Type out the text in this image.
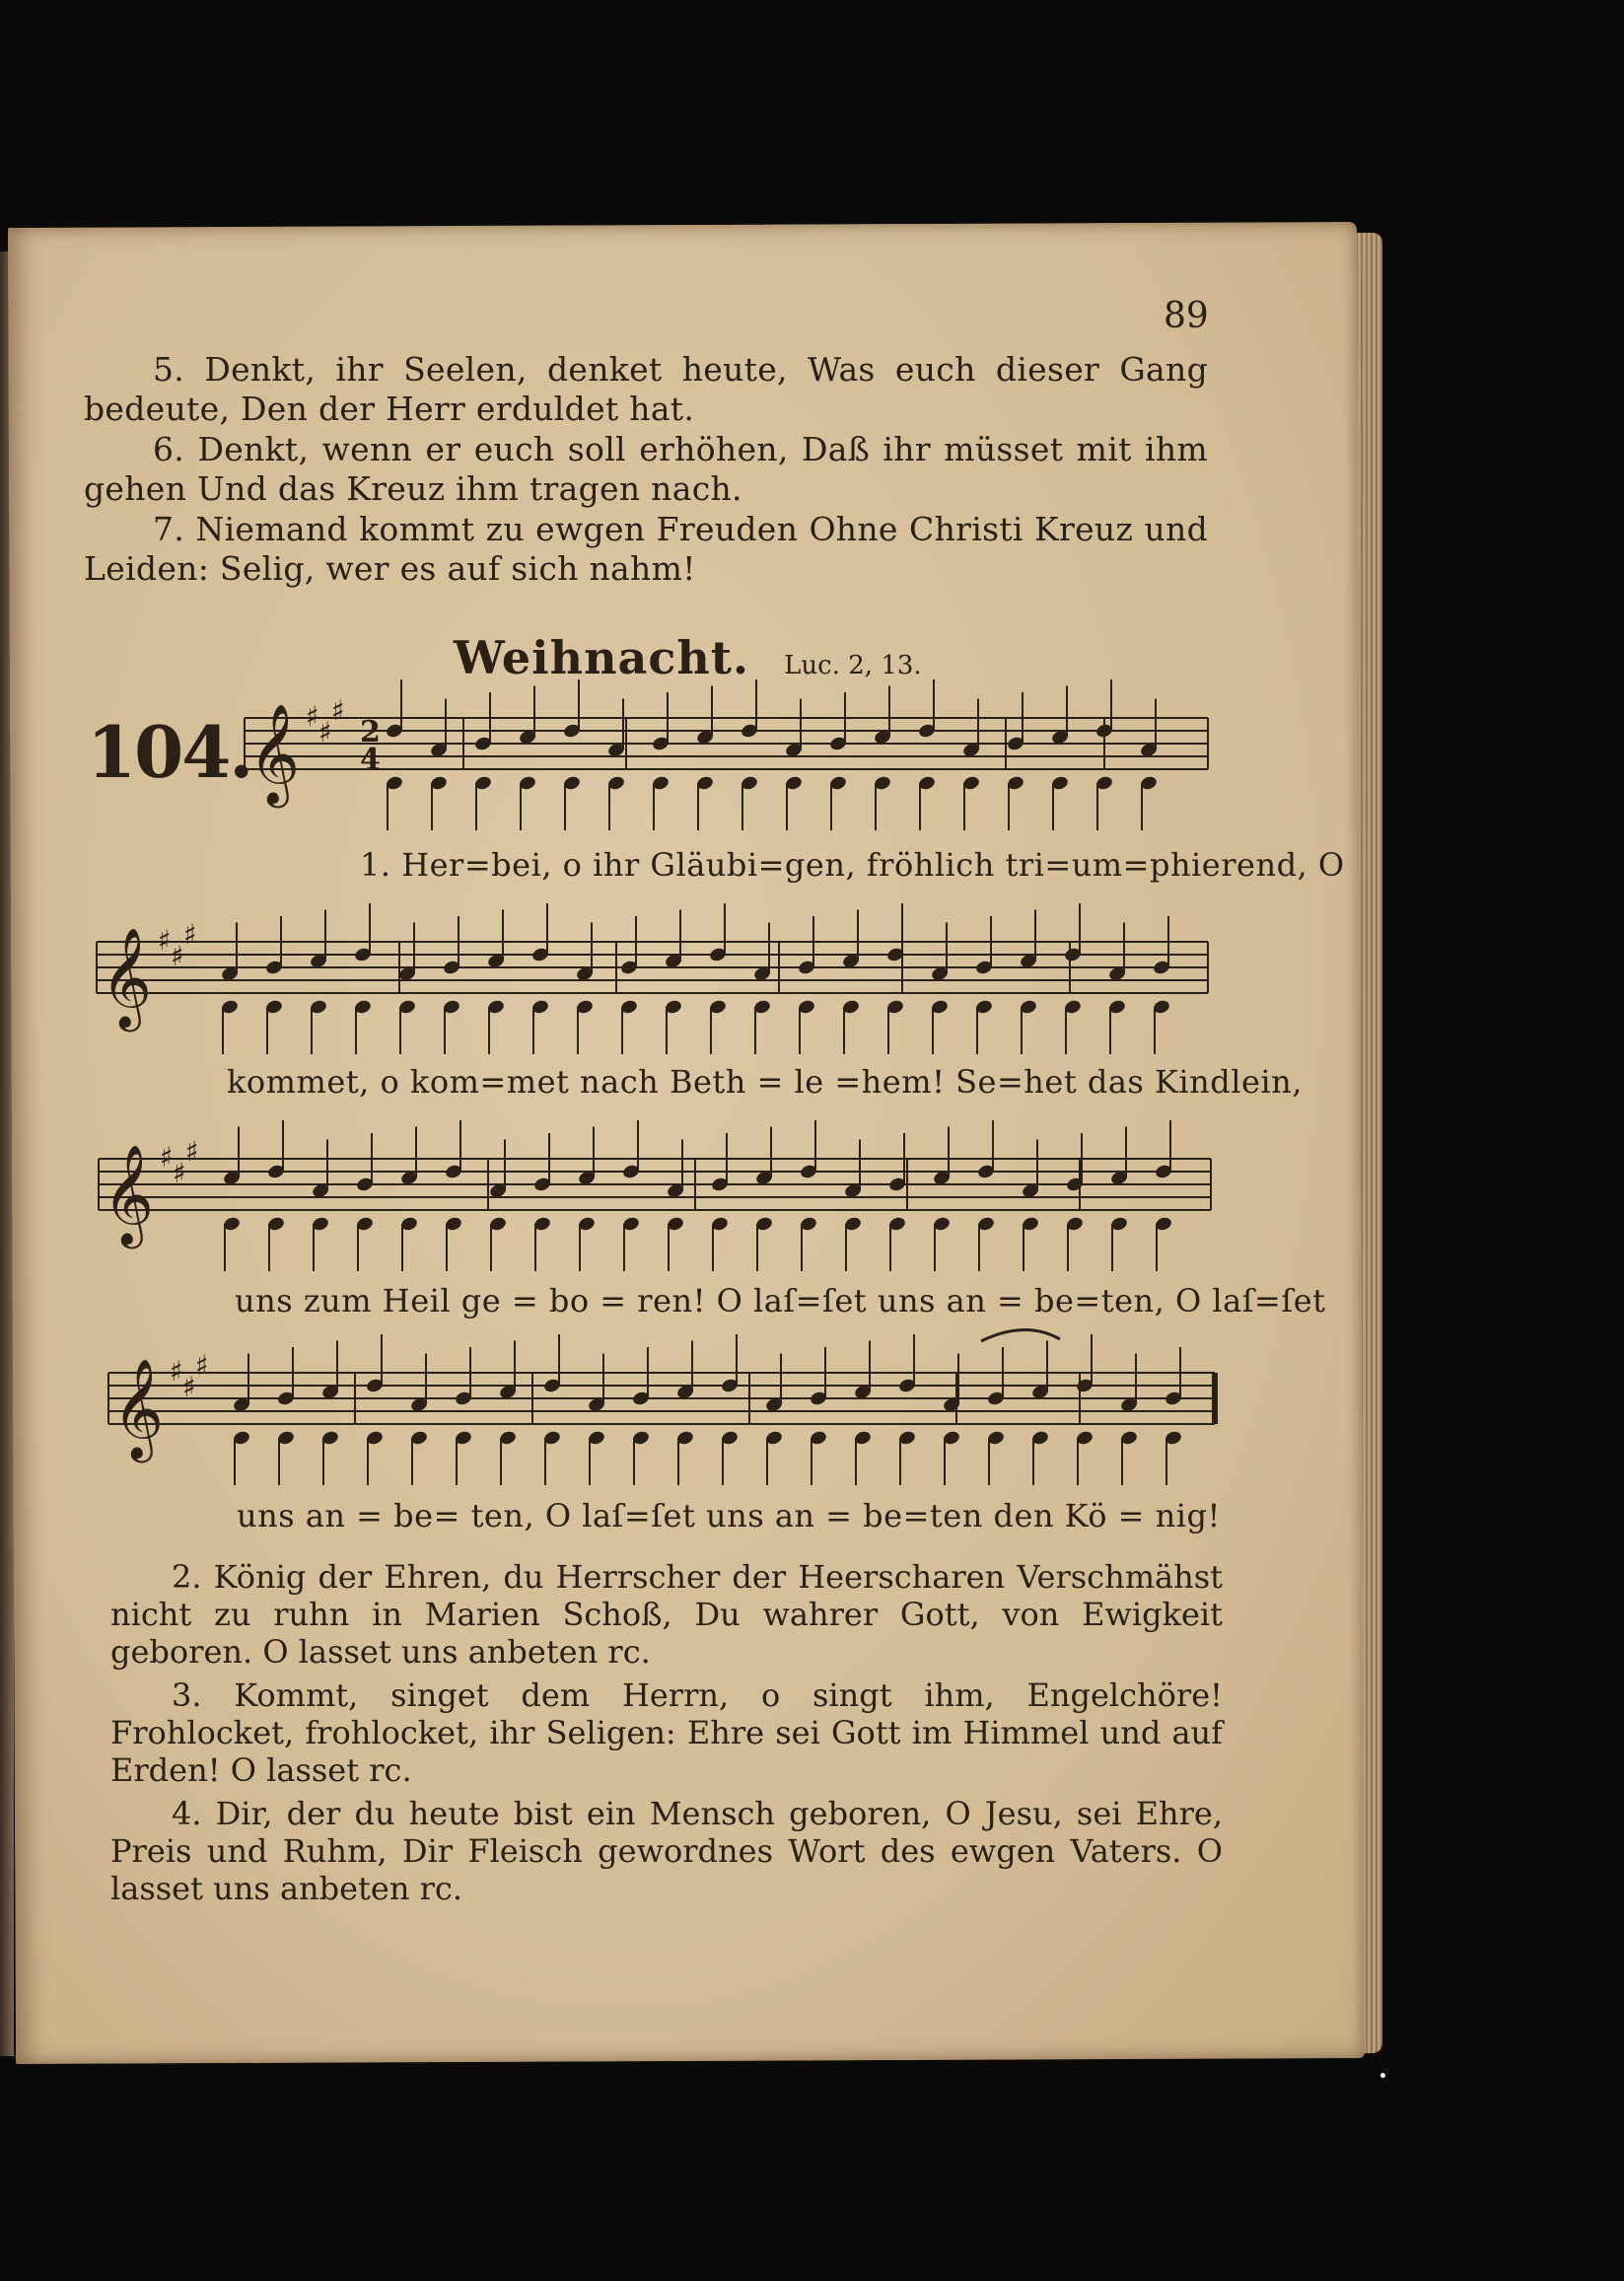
89

5. Denkt, ihr Seelen, denket heute, Was euch dieser Gang bedeute, Den der Herr erduldet hat.

6. Denkt, wenn er euch soll erhöhen, Daß ihr müsset mit ihm gehen Und das Kreuz ihm tragen nach.

7. Niemand kommt zu ewgen Freuden Ohne Christi Kreuz und Leiden: Selig, wer es auf sich nahm!

Weihnacht. Luc. 2, 13.
104.
𝄞 ♯ ♯
♯
𝄞 ♯ ♯
♯
𝄞 ♯ ♯
♯
𝄞 ♯ ♯
♯
2
4
1. Her=bei, o ihr Gläubi=gen, fröhlich tri=um=phierend, O
kommet, o kom=met nach Beth = le =hem! Se=het das Kindlein,
uns zum Heil ge = bo = ren! O laſ=ſet uns an = be=ten, O laſ=ſet
uns an = be= ten, O laſ=ſet uns an = be=ten den Kö = nig!

2. König der Ehren, du Herrscher der Heerscharen Verschmähst nicht zu ruhn in Marien Schoß, Du wahrer Gott, von Ewigkeit geboren. O lasset uns anbeten rc.

3. Kommt, singet dem Herrn, o singt ihm, Engelchöre! Frohlocket, frohlocket, ihr Seligen: Ehre sei Gott im Himmel und auf Erden! O lasset rc.

4. Dir, der du heute bist ein Mensch geboren, O Jesu, sei Ehre, Preis und Ruhm, Dir Fleisch gewordnes Wort des ewgen Vaters. O lasset uns anbeten rc.
